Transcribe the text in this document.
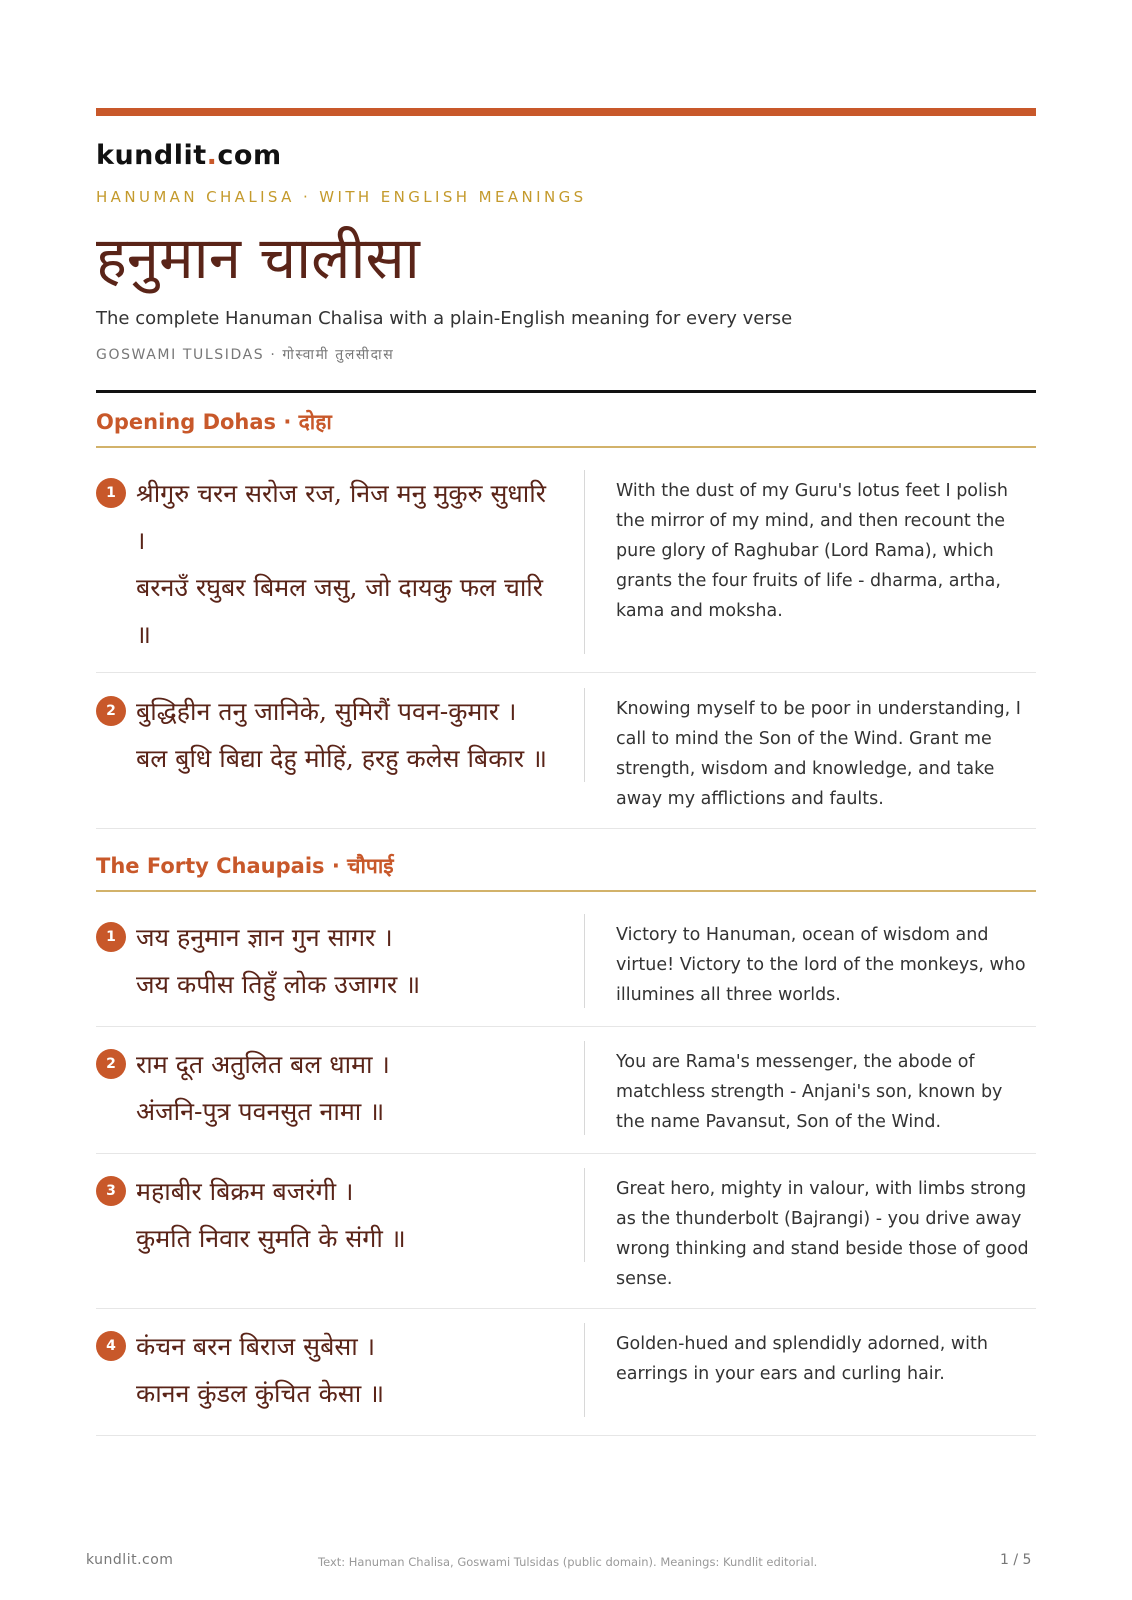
kundlit.com
HANUMAN CHALISA · WITH ENGLISH MEANINGS
हनुमान चालीसा
The complete Hanuman Chalisa with a plain-English meaning for every verse
GOSWAMI TULSIDAS · गोस्वामी तुलसीदास
Opening Dohas · दोहा
1 श्रीगुरु चरन सरोज रज, निज मनु मुकुरु सुधारि ।
बरनउँ रघुबर बिमल जसु, जो दायकु फल चारि ॥
With the dust of my Guru's lotus feet I polish the mirror of my mind, and then recount the pure glory of Raghubar (Lord Rama), which grants the four fruits of life - dharma, artha, kama and moksha.
2 बुद्धिहीन तनु जानिके, सुमिरौं पवन-कुमार ।
बल बुधि बिद्या देहु मोहिं, हरहु कलेस बिकार ॥
Knowing myself to be poor in understanding, I call to mind the Son of the Wind. Grant me strength, wisdom and knowledge, and take away my afflictions and faults.
The Forty Chaupais · चौपाई
1 जय हनुमान ज्ञान गुन सागर ।
जय कपीस तिहुँ लोक उजागर ॥
Victory to Hanuman, ocean of wisdom and virtue! Victory to the lord of the monkeys, who illumines all three worlds.
2 राम दूत अतुलित बल धामा ।
अंजनि-पुत्र पवनसुत नामा ॥
You are Rama's messenger, the abode of matchless strength - Anjani's son, known by the name Pavansut, Son of the Wind.
3 महाबीर बिक्रम बजरंगी ।
कुमति निवार सुमति के संगी ॥
Great hero, mighty in valour, with limbs strong as the thunderbolt (Bajrangi) - you drive away wrong thinking and stand beside those of good sense.
4 कंचन बरन बिराज सुबेसा ।
कानन कुंडल कुंचित केसा ॥
Golden-hued and splendidly adorned, with earrings in your ears and curling hair.
kundlit.com	Text: Hanuman Chalisa, Goswami Tulsidas (public domain). Meanings: Kundlit editorial.	1 / 5
